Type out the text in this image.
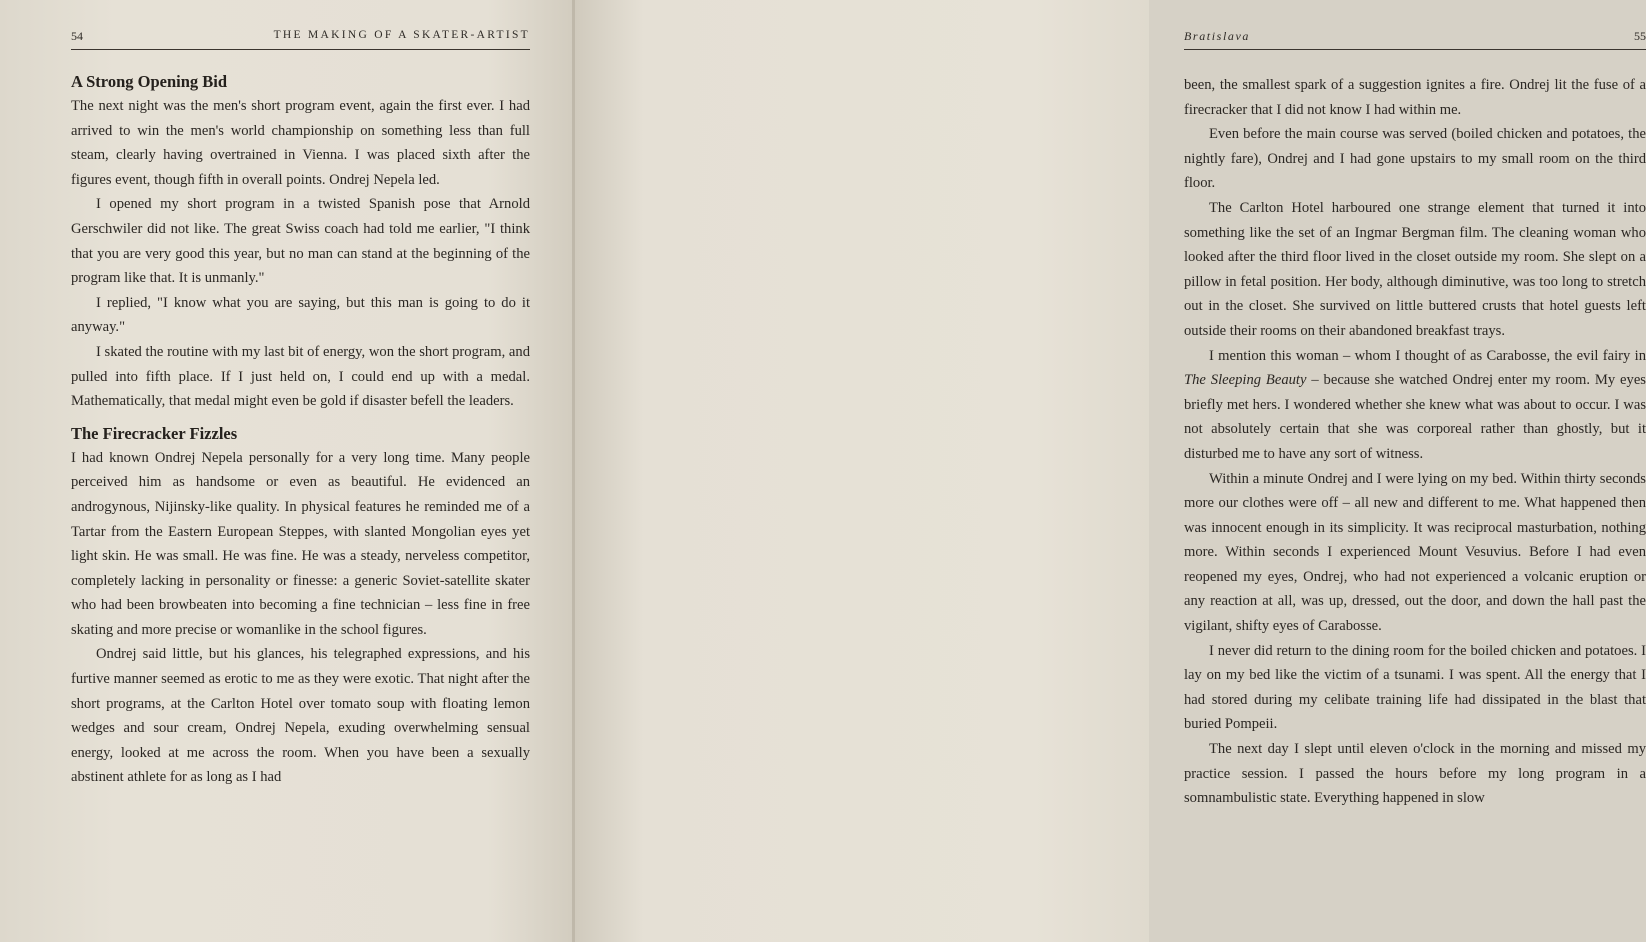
54	THE MAKING OF A SKATER-ARTIST
A Strong Opening Bid

The next night was the men's short program event, again the first ever. I had arrived to win the men's world championship on something less than full steam, clearly having overtrained in Vienna. I was placed sixth after the figures event, though fifth in overall points. Ondrej Nepela led.

I opened my short program in a twisted Spanish pose that Arnold Gerschwiler did not like. The great Swiss coach had told me earlier, "I think that you are very good this year, but no man can stand at the beginning of the program like that. It is unmanly."

I replied, "I know what you are saying, but this man is going to do it anyway."

I skated the routine with my last bit of energy, won the short program, and pulled into fifth place. If I just held on, I could end up with a medal. Mathematically, that medal might even be gold if disaster befell the leaders.

The Firecracker Fizzles

I had known Ondrej Nepela personally for a very long time. Many people perceived him as handsome or even as beautiful. He evidenced an androgynous, Nijinsky-like quality. In physical features he reminded me of a Tartar from the Eastern European Steppes, with slanted Mongolian eyes yet light skin. He was small. He was fine. He was a steady, nerveless competitor, completely lacking in personality or finesse: a generic Soviet-satellite skater who had been browbeaten into becoming a fine technician – less fine in free skating and more precise or womanlike in the school figures.

Ondrej said little, but his glances, his telegraphed expressions, and his furtive manner seemed as erotic to me as they were exotic. That night after the short programs, at the Carlton Hotel over tomato soup with floating lemon wedges and sour cream, Ondrej Nepela, exuding overwhelming sensual energy, looked at me across the room. When you have been a sexually abstinent athlete for as long as I had

Bratislava	55

been, the smallest spark of a suggestion ignites a fire. Ondrej lit the fuse of a firecracker that I did not know I had within me.

Even before the main course was served (boiled chicken and potatoes, the nightly fare), Ondrej and I had gone upstairs to my small room on the third floor.

The Carlton Hotel harboured one strange element that turned it into something like the set of an Ingmar Bergman film. The cleaning woman who looked after the third floor lived in the closet outside my room. She slept on a pillow in fetal position. Her body, although diminutive, was too long to stretch out in the closet. She survived on little buttered crusts that hotel guests left outside their rooms on their abandoned breakfast trays.

I mention this woman – whom I thought of as Carabosse, the evil fairy in The Sleeping Beauty – because she watched Ondrej enter my room. My eyes briefly met hers. I wondered whether she knew what was about to occur. I was not absolutely certain that she was corporeal rather than ghostly, but it disturbed me to have any sort of witness.

Within a minute Ondrej and I were lying on my bed. Within thirty seconds more our clothes were off – all new and different to me. What happened then was innocent enough in its simplicity. It was reciprocal masturbation, nothing more. Within seconds I experienced Mount Vesuvius. Before I had even reopened my eyes, Ondrej, who had not experienced a volcanic eruption or any reaction at all, was up, dressed, out the door, and down the hall past the vigilant, shifty eyes of Carabosse.

I never did return to the dining room for the boiled chicken and potatoes. I lay on my bed like the victim of a tsunami. I was spent. All the energy that I had stored during my celibate training life had dissipated in the blast that buried Pompeii.

The next day I slept until eleven o'clock in the morning and missed my practice session. I passed the hours before my long program in a somnambulistic state. Everything happened in slow
